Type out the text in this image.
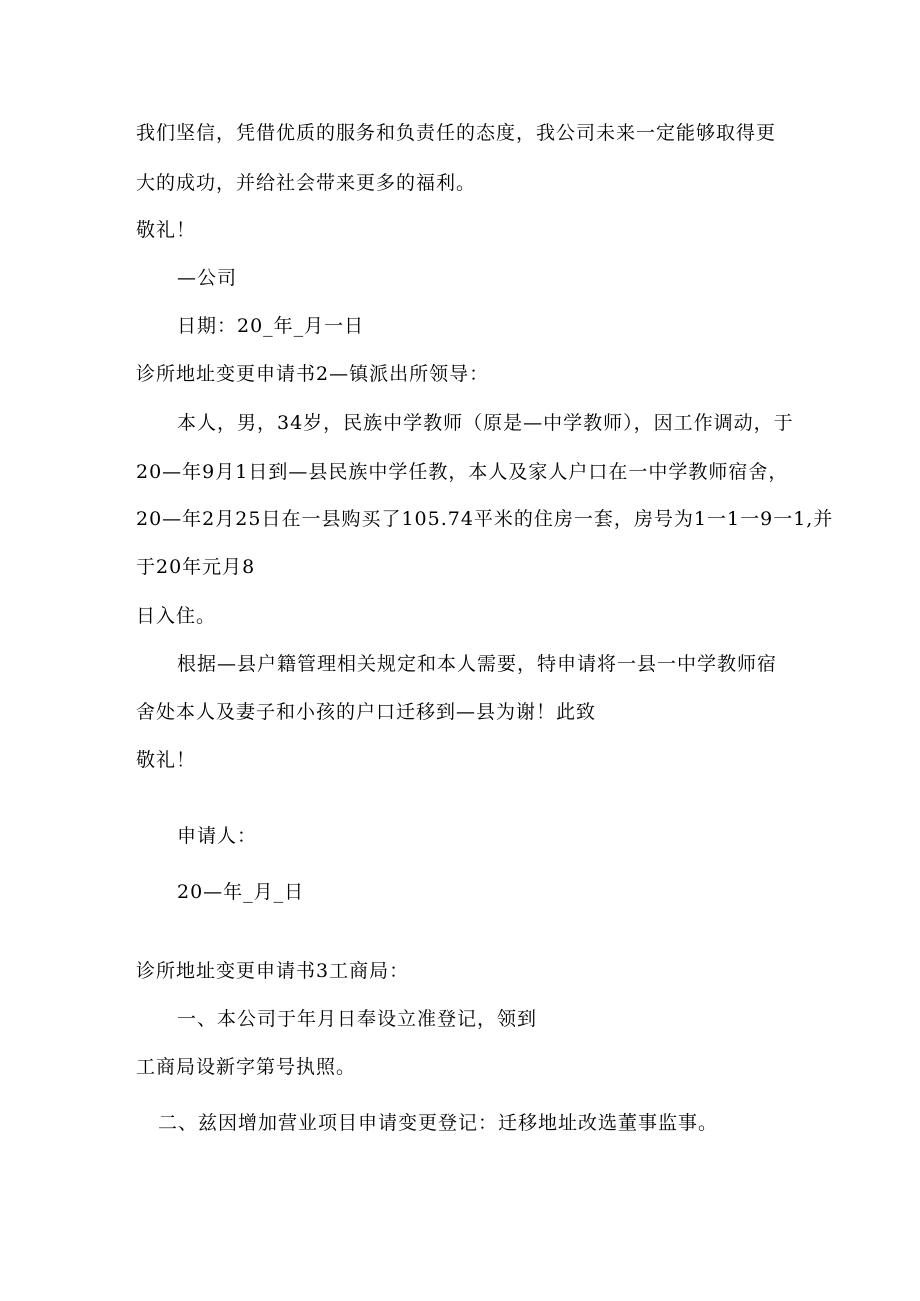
我们坚信，凭借优质的服务和负责任的态度，我公司未来一定能够取得更
大的成功，并给社会带来更多的福利。
敬礼！
—公司
日期：20_年_月一日
诊所地址变更申请书2—镇派出所领导：
本人，男，34岁，民族中学教师（原是—中学教师），因工作调动，于
20—年9月1日到—县民族中学任教，本人及家人户口在一中学教师宿舍，
20—年2月25日在一县购买了105.74平米的住房一套，房号为1一1一9一1,并
于20年元月8
日入住。
根据—县户籍管理相关规定和本人需要，特申请将一县一中学教师宿
舍处本人及妻子和小孩的户口迁移到—县为谢！此致
敬礼！
申请人：
20—年_月_日
诊所地址变更申请书3工商局：
一、本公司于年月日奉设立准登记，领到
工商局设新字第号执照。
二、兹因增加营业项目申请变更登记：迁移地址改选董事监事。
